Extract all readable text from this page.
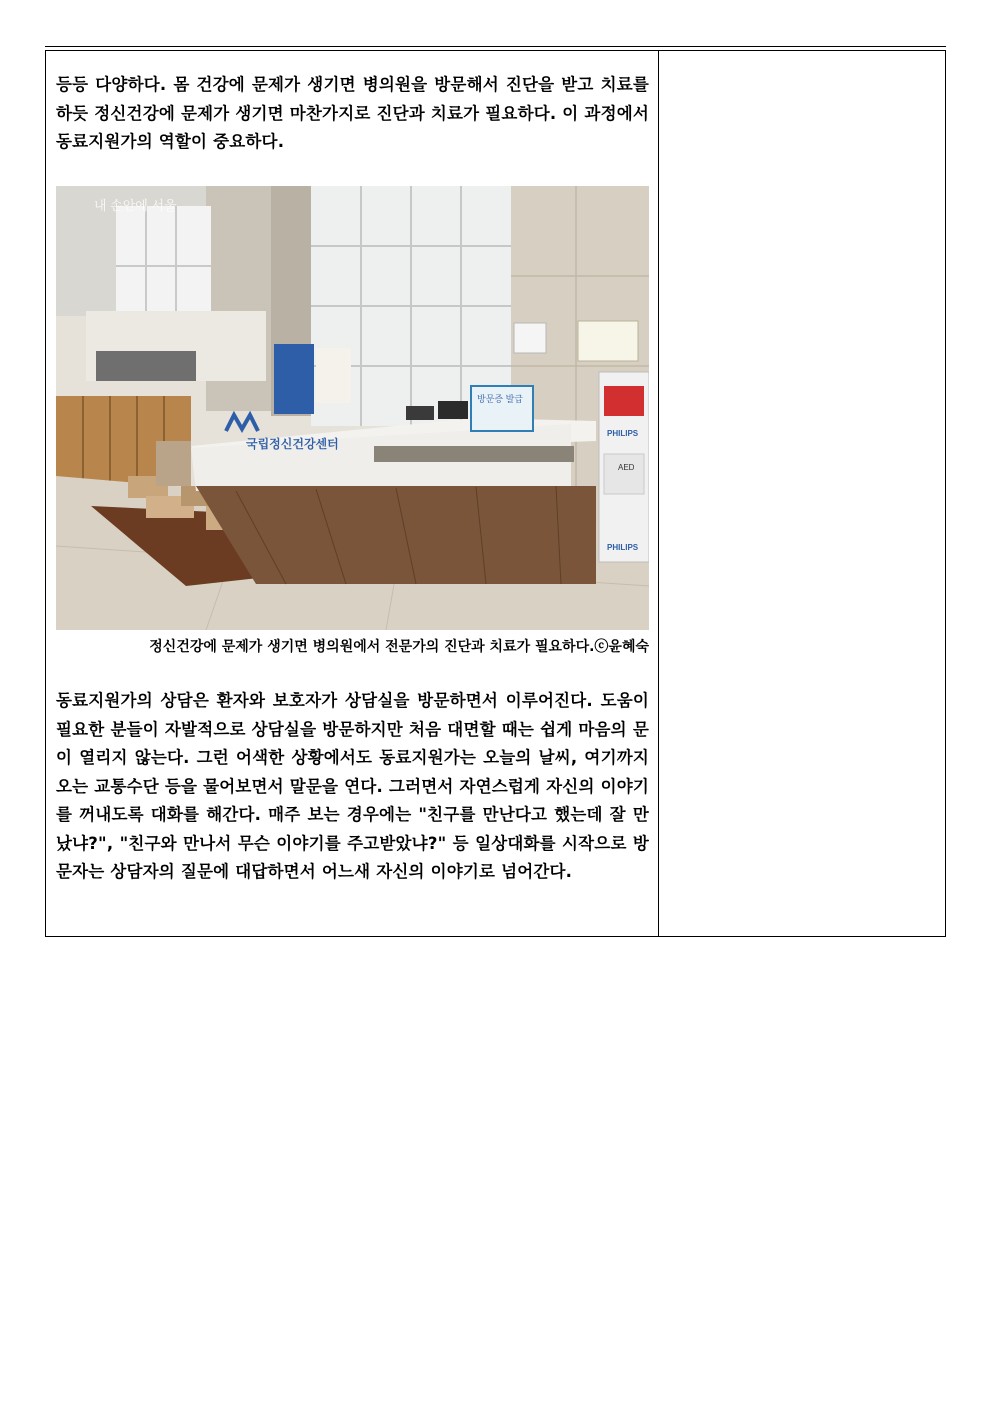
등등 다양하다. 몸 건강에 문제가 생기면 병의원을 방문해서 진단을 받고 치료를 하듯 정신건강에 문제가 생기면 마찬가지로 진단과 치료가 필요하다. 이 과정에서 동료지원가의 역할이 중요하다.

내 손안에 서울
국립정신건강센터
방문증 발급
PHILIPS
AED
PHILIPS

정신건강에 문제가 생기면 병의원에서 전문가의 진단과 치료가 필요하다.ⓒ윤혜숙

동료지원가의 상담은 환자와 보호자가 상담실을 방문하면서 이루어진다. 도움이 필요한 분들이 자발적으로 상담실을 방문하지만 처음 대면할 때는 쉽게 마음의 문이 열리지 않는다. 그런 어색한 상황에서도 동료지원가는 오늘의 날씨, 여기까지 오는 교통수단 등을 물어보면서 말문을 연다. 그러면서 자연스럽게 자신의 이야기를 꺼내도록 대화를 해간다. 매주 보는 경우에는 "친구를 만난다고 했는데 잘 만났냐?", "친구와 만나서 무슨 이야기를 주고받았냐?" 등 일상대화를 시작으로 방문자는 상담자의 질문에 대답하면서 어느새 자신의 이야기로 넘어간다.
